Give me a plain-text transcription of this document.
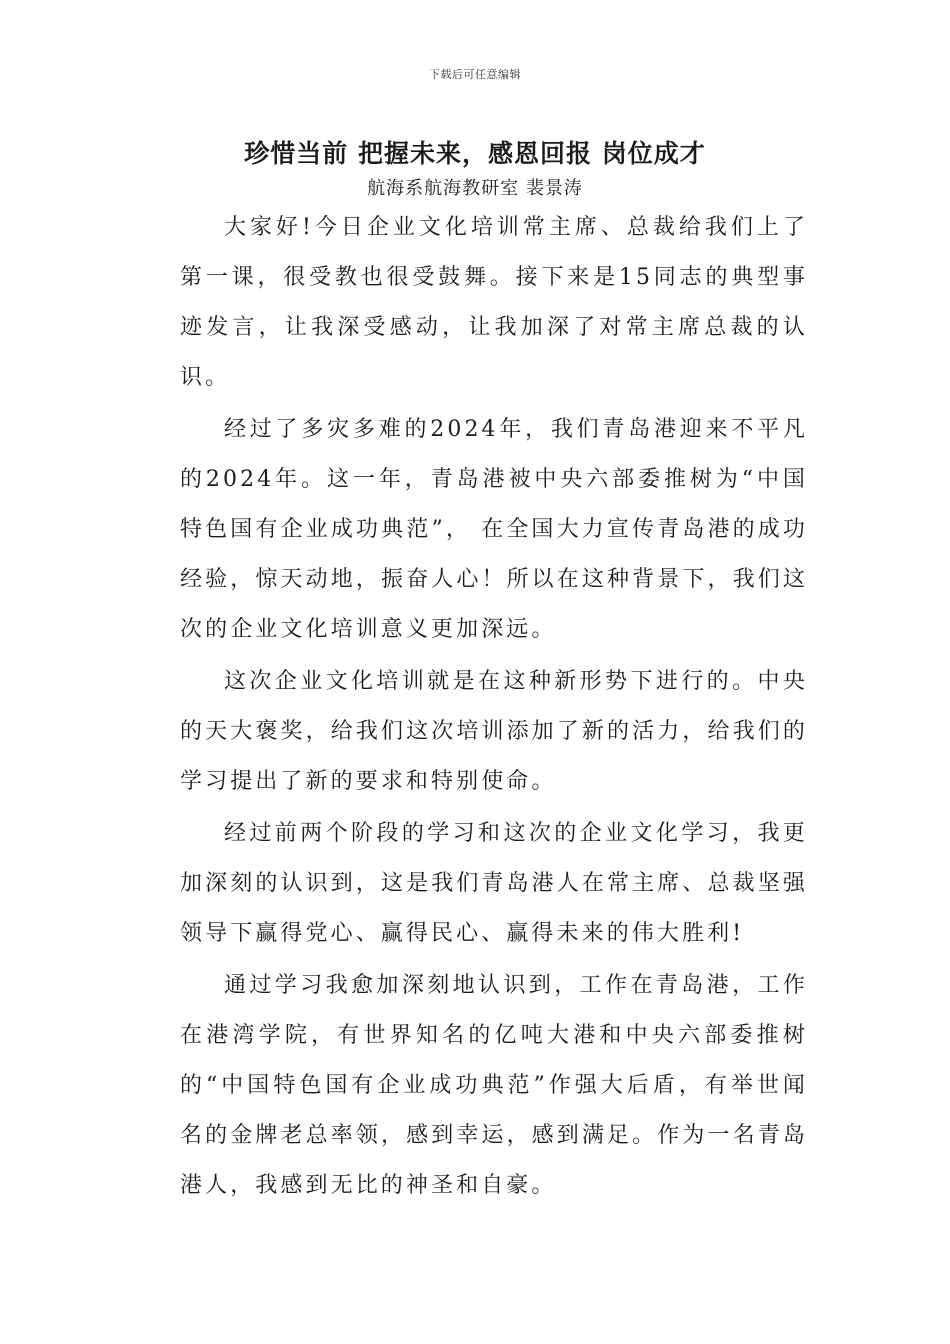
下载后可任意编辑
珍惜当前 把握未来，感恩回报 岗位成才
航海系航海教研室 裴景涛

大家好!今日企业文化培训常主席、总裁给我们上了第一课，很受教也很受鼓舞。接下来是15同志的典型事迹发言，让我深受感动，让我加深了对常主席总裁的认识。

经过了多灾多难的2024年，我们青岛港迎来不平凡的2024年。这一年，青岛港被中央六部委推树为“中国特色国有企业成功典范”， 在全国大力宣传青岛港的成功经验，惊天动地，振奋人心！所以在这种背景下，我们这次的企业文化培训意义更加深远。

这次企业文化培训就是在这种新形势下进行的。中央的天大褒奖，给我们这次培训添加了新的活力，给我们的学习提出了新的要求和特别使命。

经过前两个阶段的学习和这次的企业文化学习，我更加深刻的认识到，这是我们青岛港人在常主席、总裁坚强领导下赢得党心、赢得民心、赢得未来的伟大胜利!

通过学习我愈加深刻地认识到，工作在青岛港，工作在港湾学院，有世界知名的亿吨大港和中央六部委推树的“中国特色国有企业成功典范”作强大后盾，有举世闻名的金牌老总率领，感到幸运，感到满足。作为一名青岛港人，我感到无比的神圣和自豪。
